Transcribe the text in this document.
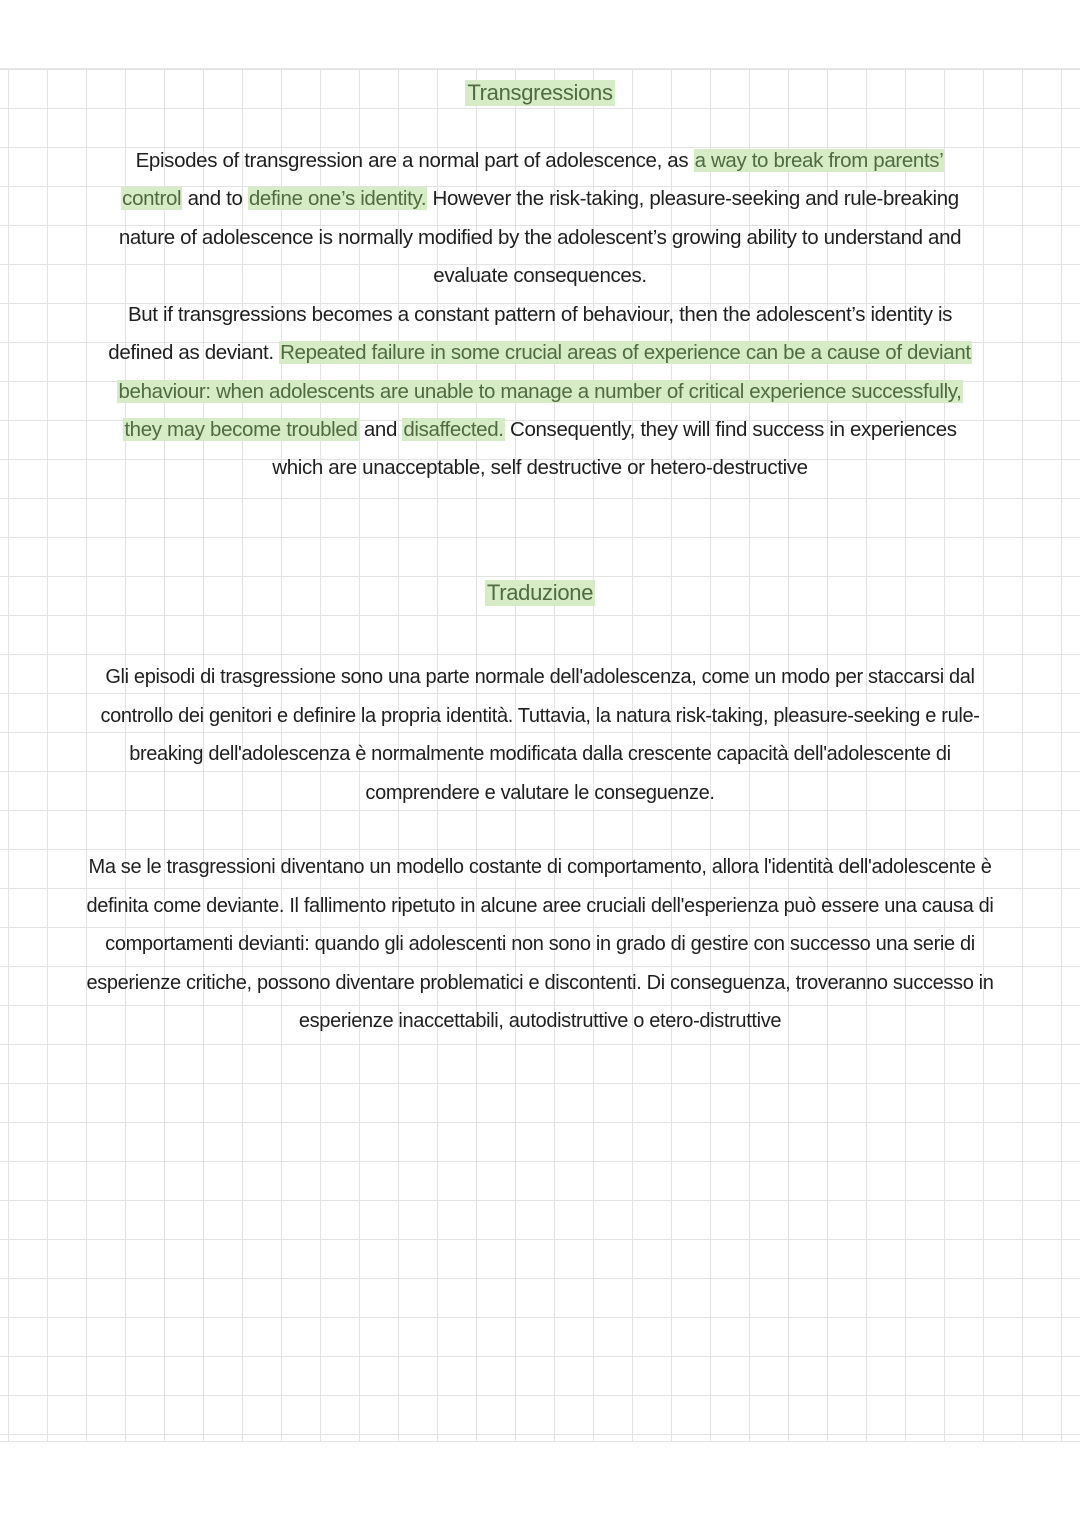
Transgressions
Episodes of transgression are a normal part of adolescence, as a way to break from parents’
control and to define one’s identity. However the risk-taking, pleasure-seeking and rule-breaking
nature of adolescence is normally modified by the adolescent’s growing ability to understand and
evaluate consequences.
But if transgressions becomes a constant pattern of behaviour, then the adolescent’s identity is
defined as deviant. Repeated failure in some crucial areas of experience can be a cause of deviant
behaviour: when adolescents are unable to manage a number of critical experience successfully,
they may become troubled and disaffected. Consequently, they will find success in experiences
which are unacceptable, self destructive or hetero-destructive
Traduzione
Gli episodi di trasgressione sono una parte normale dell'adolescenza, come un modo per staccarsi dal
controllo dei genitori e definire la propria identità. Tuttavia, la natura risk-taking, pleasure-seeking e rule-
breaking dell'adolescenza è normalmente modificata dalla crescente capacità dell'adolescente di
comprendere e valutare le conseguenze.
Ma se le trasgressioni diventano un modello costante di comportamento, allora l'identità dell'adolescente è
definita come deviante. Il fallimento ripetuto in alcune aree cruciali dell'esperienza può essere una causa di
comportamenti devianti: quando gli adolescenti non sono in grado di gestire con successo una serie di
esperienze critiche, possono diventare problematici e discontenti. Di conseguenza, troveranno successo in
esperienze inaccettabili, autodistruttive o etero-distruttive
